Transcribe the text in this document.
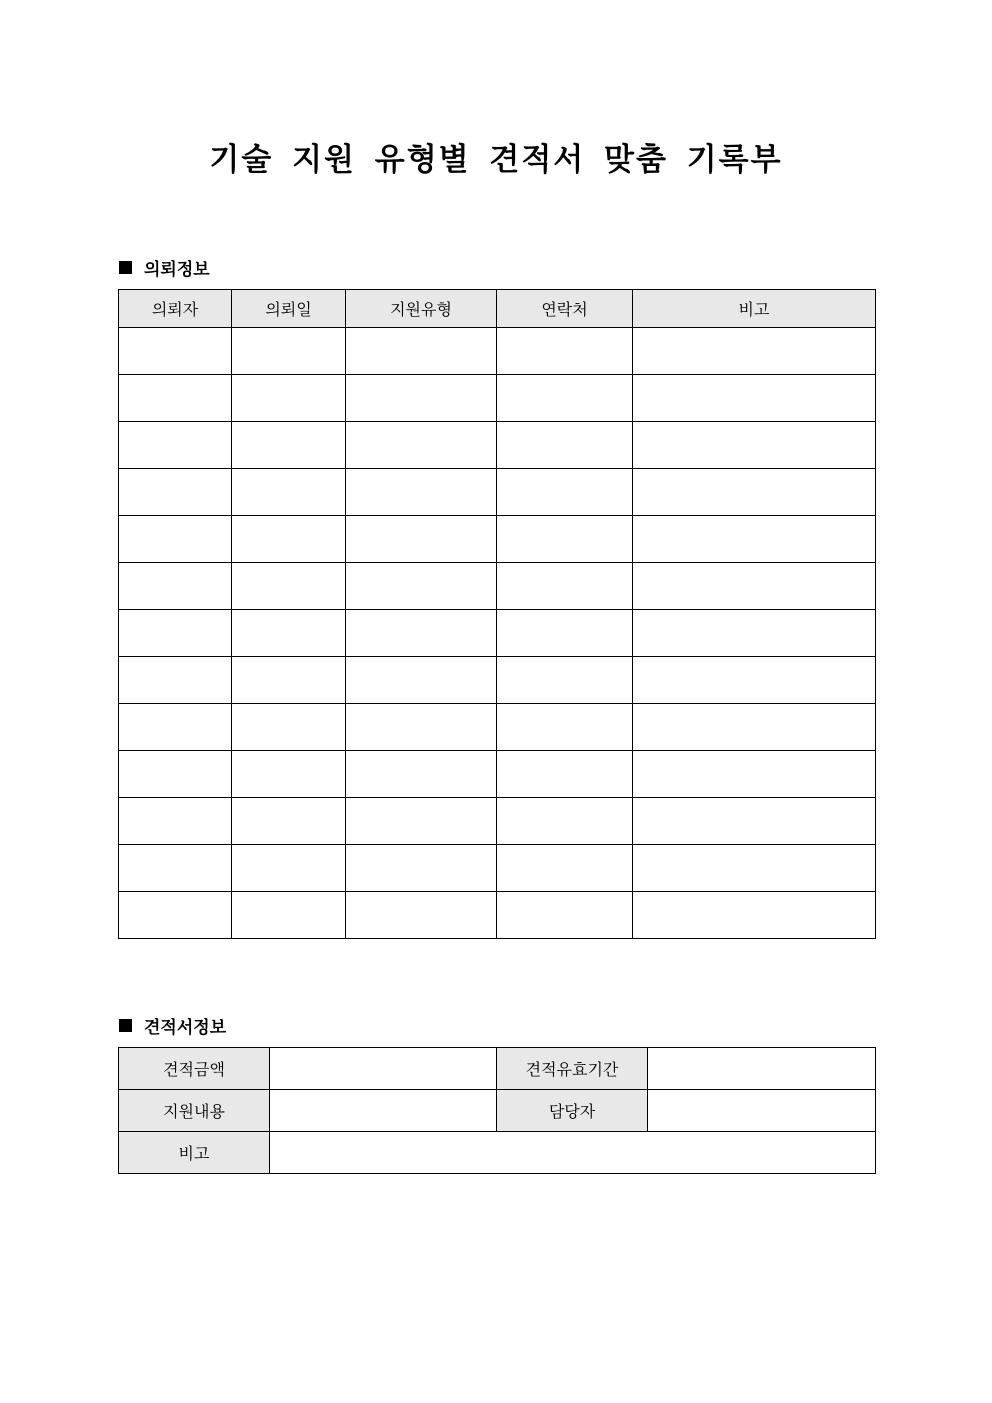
기술 지원 유형별 견적서 맞춤 기록부
의뢰정보
의뢰자	의뢰일	지원유형	연락처	비고

견적서정보
견적금액		견적유효기간	
지원내용		담당자	
비고			
